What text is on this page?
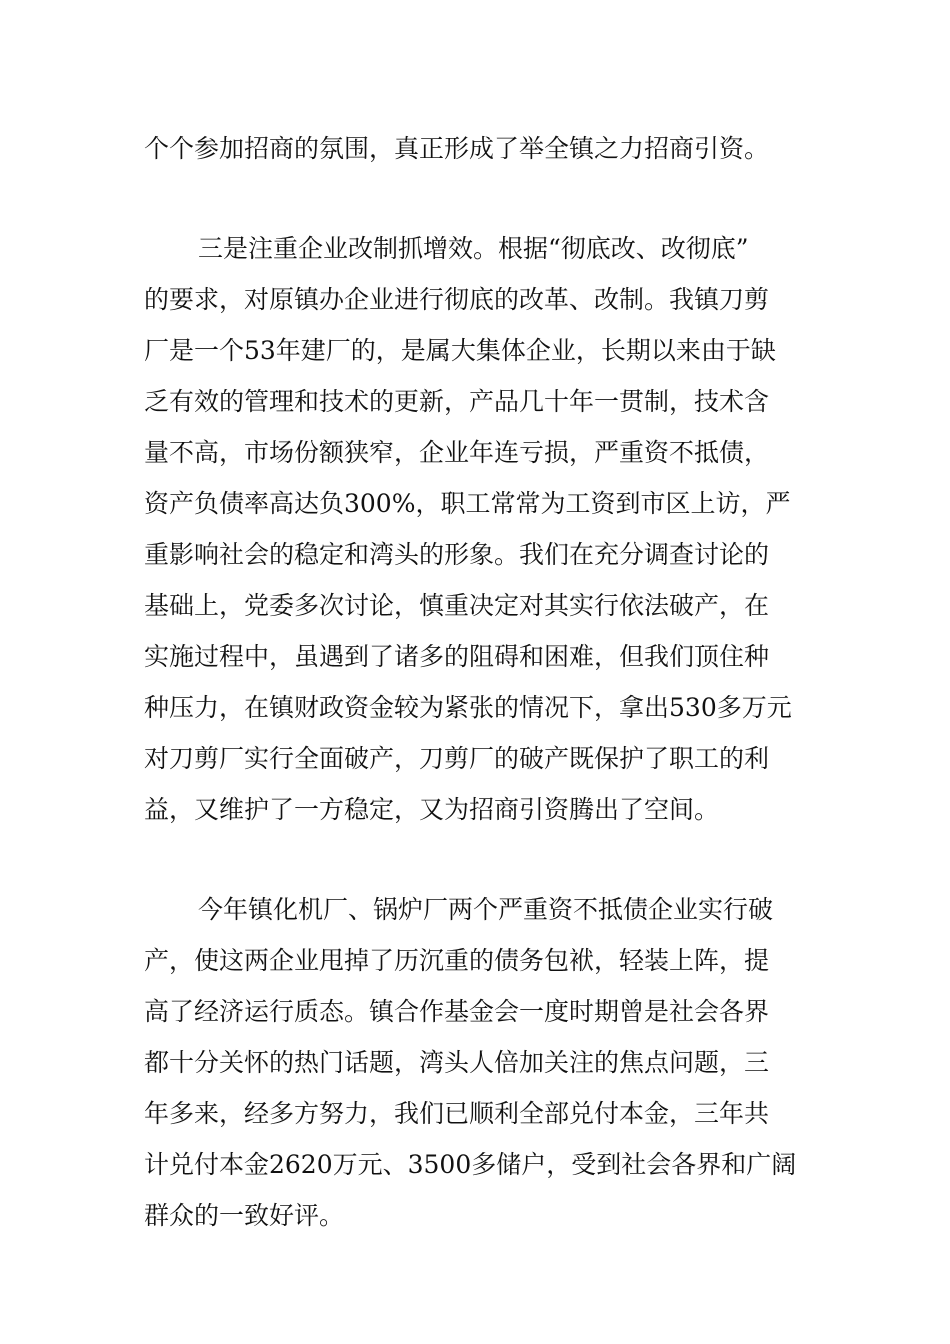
个个参加招商的氛围，真正形成了举全镇之力招商引资。
三是注重企业改制抓增效。根据“彻底改、改彻底”
的要求，对原镇办企业进行彻底的改革、改制。我镇刀剪
厂是一个53年建厂的，是属大集体企业，长期以来由于缺
乏有效的管理和技术的更新，产品几十年一贯制，技术含
量不高，市场份额狭窄，企业年连亏损，严重资不抵债，
资产负债率高达负300%，职工常常为工资到市区上访，严
重影响社会的稳定和湾头的形象。我们在充分调查讨论的
基础上，党委多次讨论，慎重决定对其实行依法破产，在
实施过程中，虽遇到了诸多的阻碍和困难，但我们顶住种
种压力，在镇财政资金较为紧张的情况下，拿出530多万元
对刀剪厂实行全面破产，刀剪厂的破产既保护了职工的利
益，又维护了一方稳定，又为招商引资腾出了空间。
今年镇化机厂、锅炉厂两个严重资不抵债企业实行破
产，使这两企业甩掉了历沉重的债务包袱，轻装上阵，提
高了经济运行质态。镇合作基金会一度时期曾是社会各界
都十分关怀的热门话题，湾头人倍加关注的焦点问题，三
年多来，经多方努力，我们已顺利全部兑付本金，三年共
计兑付本金2620万元、3500多储户，受到社会各界和广阔
群众的一致好评。
